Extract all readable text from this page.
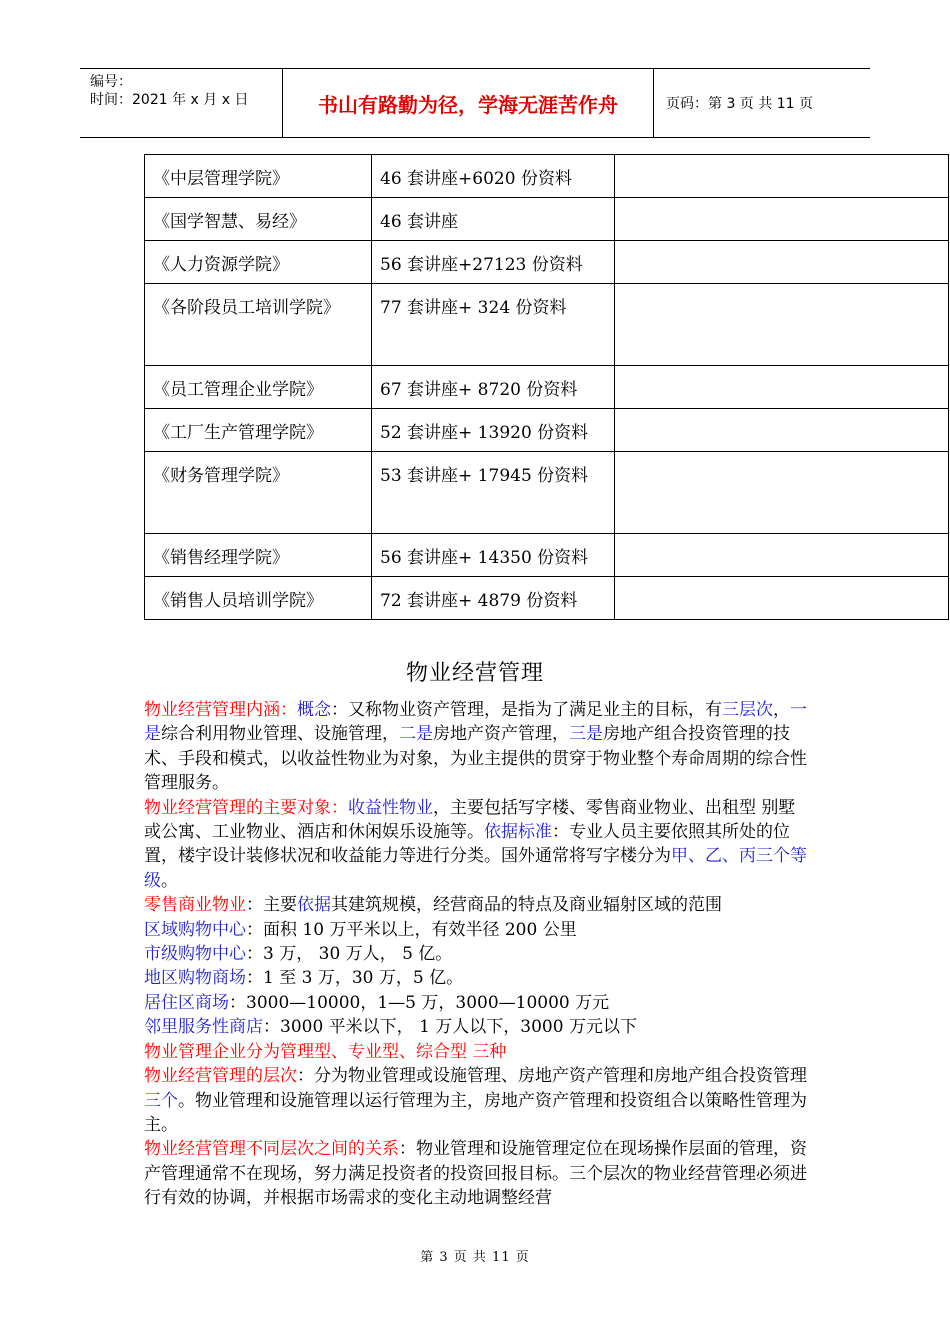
编号：
时间：2021 年 x 月 x 日	书山有路勤为径，学海无涯苦作舟	页码：第 3 页 共 11 页
《中层管理学院》	46 套讲座+6020 份资料	
《国学智慧、易经》	46 套讲座	
《人力资源学院》	56 套讲座+27123 份资料	
《各阶段员工培训学院》	77 套讲座+ 324 份资料	
《员工管理企业学院》	67 套讲座+ 8720 份资料	
《工厂生产管理学院》	52 套讲座+ 13920 份资料	
《财务管理学院》	53 套讲座+ 17945 份资料	
《销售经理学院》	56 套讲座+ 14350 份资料	
《销售人员培训学院》	72 套讲座+ 4879 份资料	
物业经营管理

物业经营管理内涵：概念：又称物业资产管理，是指为了满足业主的目标，有三层次，一是综合利用物业管理、设施管理，二是房地产资产管理，三是房地产组合投资管理的技术、手段和模式，以收益性物业为对象，为业主提供的贯穿于物业整个寿命周期的综合性管理服务。

物业经营管理的主要对象：收益性物业，主要包括写字楼、零售商业物业、出租型 别墅或公寓、工业物业、酒店和休闲娱乐设施等。依据标准：专业人员主要依照其所处的位置，楼宇设计装修状况和收益能力等进行分类。国外通常将写字楼分为甲、乙、丙三个等级。

零售商业物业：主要依据其建筑规模，经营商品的特点及商业辐射区域的范围

区域购物中心：面积 10 万平米以上，有效半径 200 公里

市级购物中心：3 万， 30 万人， 5 亿。

地区购物商场：1 至 3 万，30 万，5 亿。

居住区商场：3000—10000，1—5 万，3000—10000 万元

邻里服务性商店：3000 平米以下， 1 万人以下，3000 万元以下

物业管理企业分为管理型、专业型、综合型 三种

物业经营管理的层次：分为物业管理或设施管理、房地产资产管理和房地产组合投资管理三个。物业管理和设施管理以运行管理为主，房地产资产管理和投资组合以策略性管理为主。

物业经营管理不同层次之间的关系：物业管理和设施管理定位在现场操作层面的管理，资产管理通常不在现场，努力满足投资者的投资回报目标。三个层次的物业经营管理必须进行有效的协调，并根据市场需求的变化主动地调整经营

第 3 页 共 11 页
